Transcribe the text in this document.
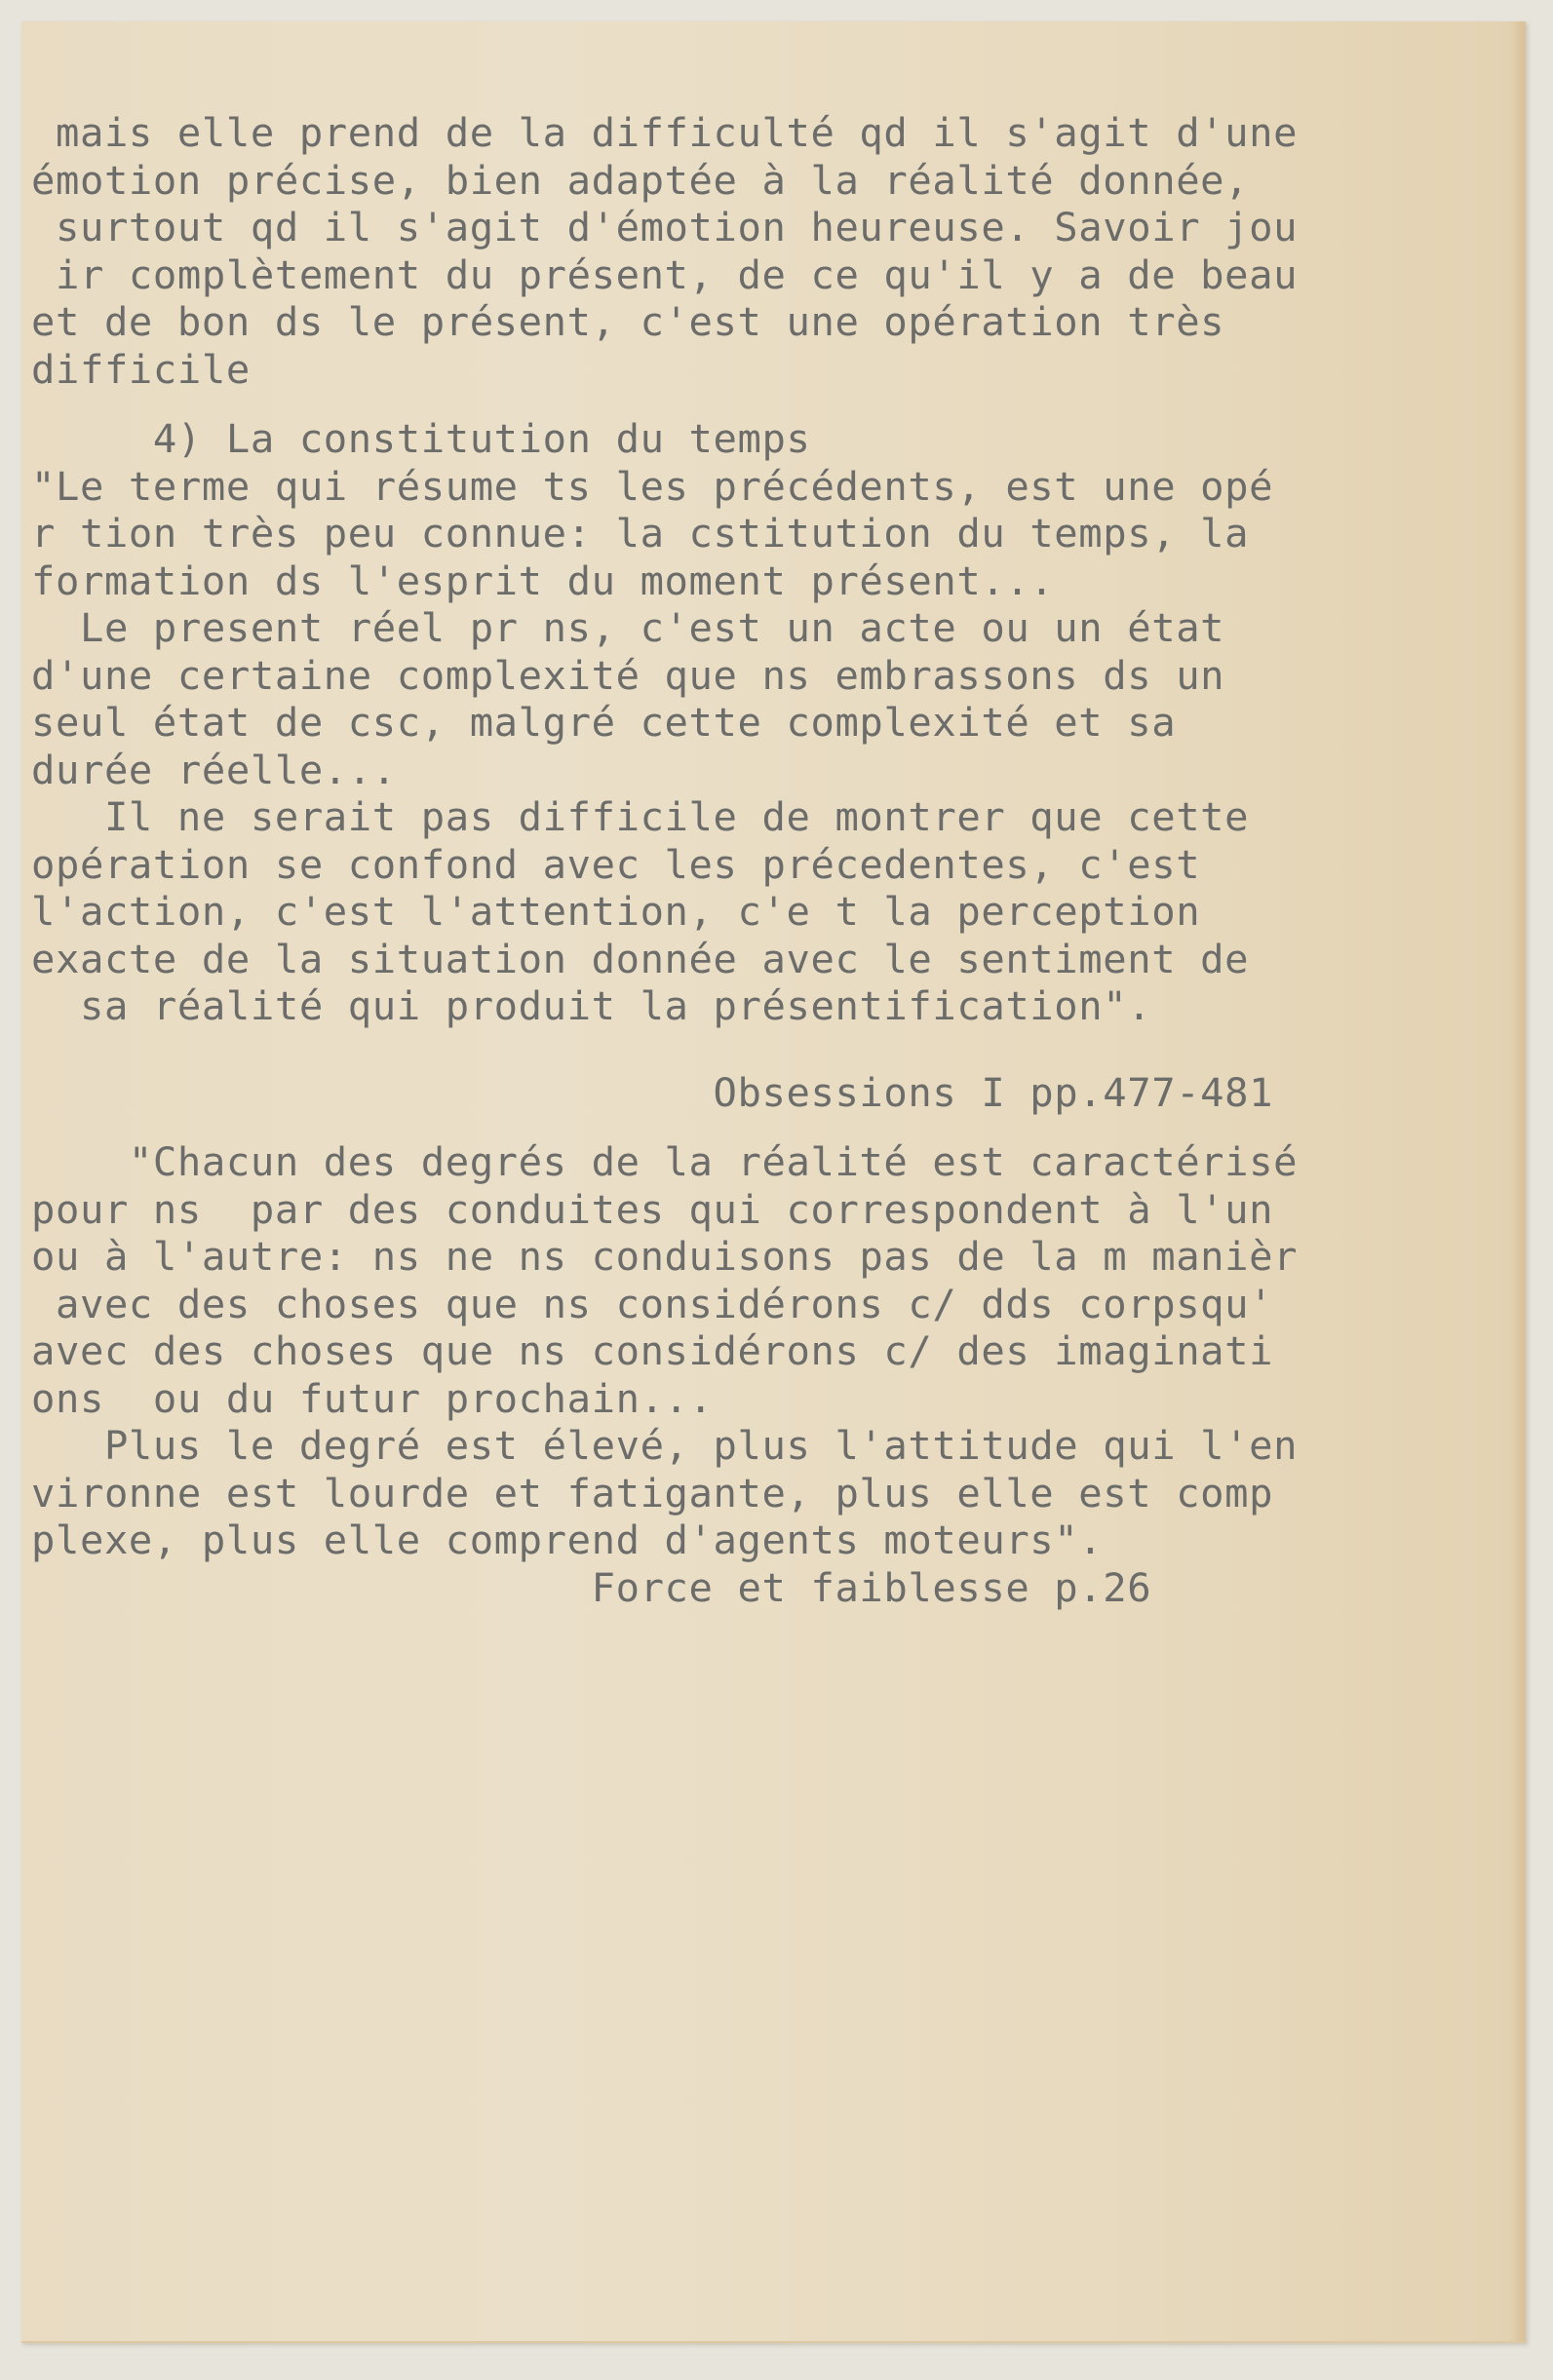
mais elle prend de la difficulté qd il s'agit d'une
émotion précise, bien adaptée à la réalité donnée,
surtout qd il s'agit d'émotion heureuse. Savoir jou
ir complètement du présent, de ce qu'il y a de beau
et de bon ds le présent, c'est une opération très
difficile
4) La constitution du temps
"Le terme qui résume ts les précédents, est une opé
r tion très peu connue: la cstitution du temps, la
formation ds l'esprit du moment présent...
Le present réel pr ns, c'est un acte ou un état
d'une certaine complexité que ns embrassons ds un
seul état de csc, malgré cette complexité et sa
durée réelle...
Il ne serait pas difficile de montrer que cette
opération se confond avec les précedentes, c'est
l'action, c'est l'attention, c'e t la perception
exacte de la situation donnée avec le sentiment de
sa réalité qui produit la présentification".
Obsessions I pp.477-481
"Chacun des degrés de la réalité est caractérisé
pour ns  par des conduites qui correspondent à l'un
ou à l'autre: ns ne ns conduisons pas de la m manièr
avec des choses que ns considérons c/ dds corpsqu'
avec des choses que ns considérons c/ des imaginati
ons  ou du futur prochain...
Plus le degré est élevé, plus l'attitude qui l'en
vironne est lourde et fatigante, plus elle est comp
plexe, plus elle comprend d'agents moteurs".
Force et faiblesse p.26
